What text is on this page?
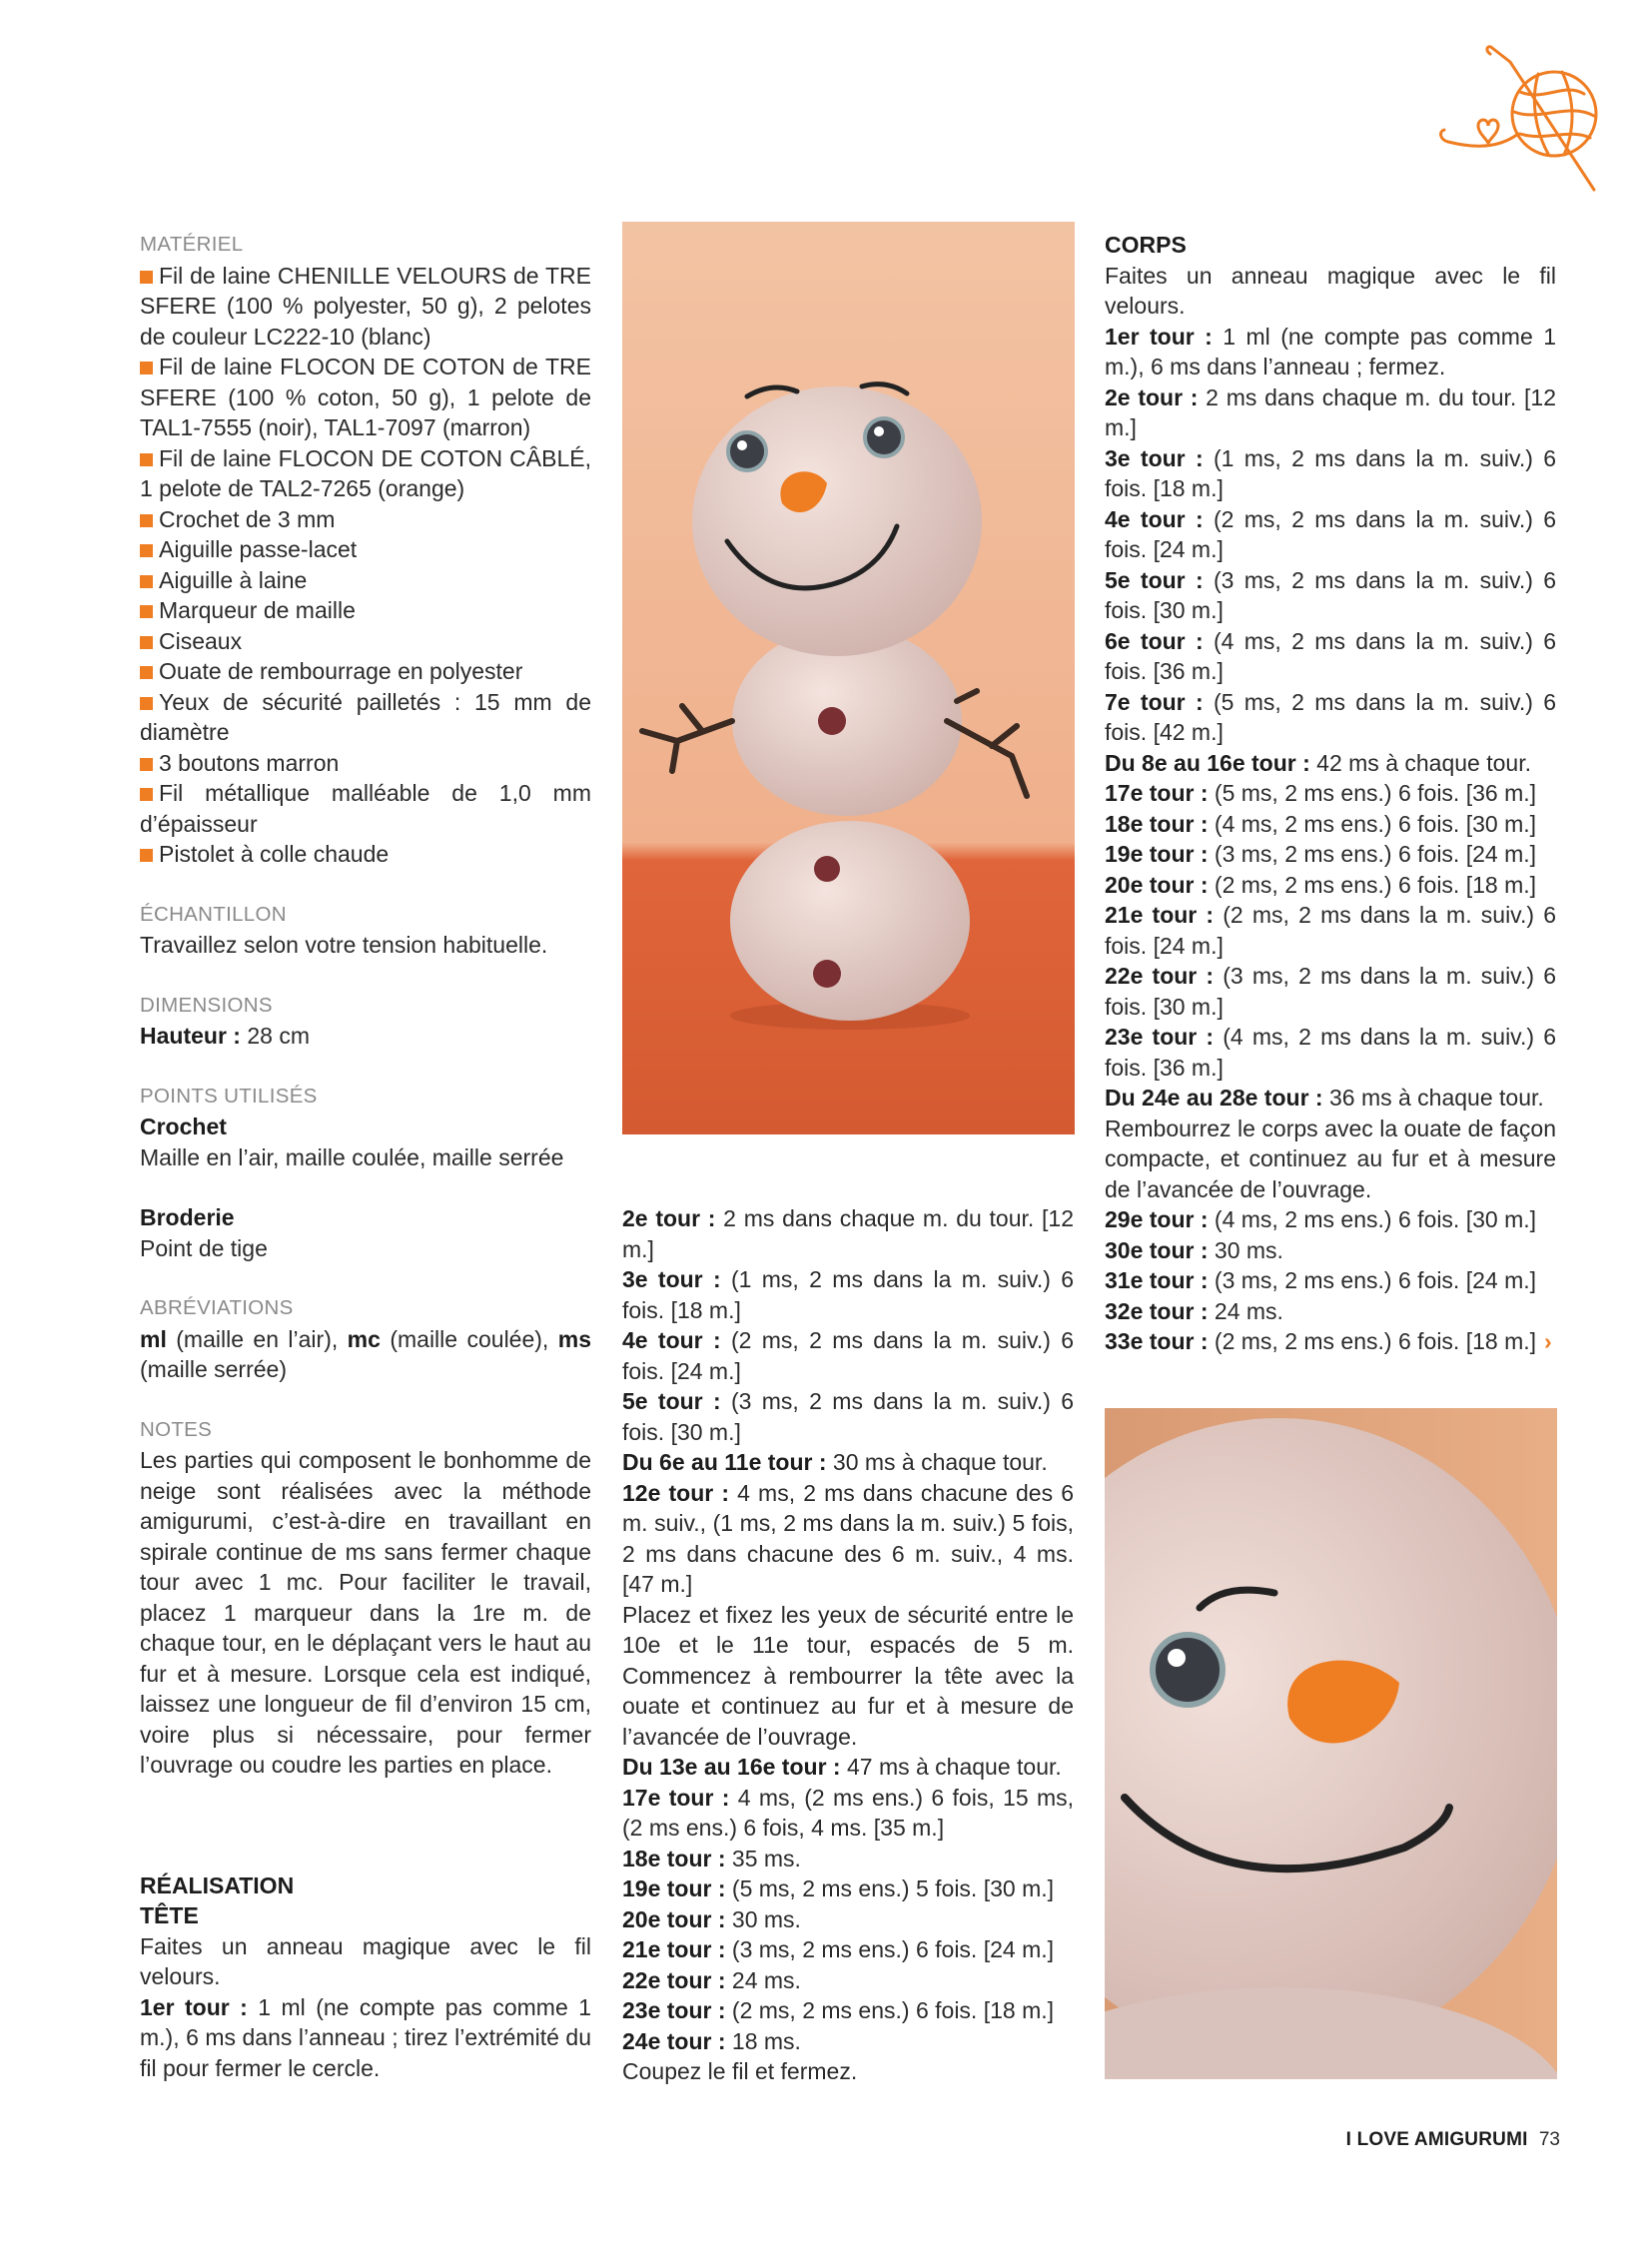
MATÉRIEL
Fil de laine CHENILLE VELOURS de TRE SFERE (100 % polyester, 50 g), 2 pelotes de couleur LC222-10 (blanc)
Fil de laine FLOCON DE COTON de TRE SFERE (100 % coton, 50 g), 1 pelote de TAL1-7555 (noir), TAL1-7097 (marron)
Fil de laine FLOCON DE COTON CÂBLÉ, 1 pelote de TAL2-7265 (orange)
Crochet de 3 mm
Aiguille passe-lacet
Aiguille à laine
Marqueur de maille
Ciseaux
Ouate de rembourrage en polyester
Yeux de sécurité pailletés : 15 mm de diamètre
3 boutons marron
Fil métallique malléable de 1,0 mm d’épaisseur
Pistolet à colle chaude
ÉCHANTILLON
Travaillez selon votre tension habituelle.
DIMENSIONS
Hauteur : 28 cm
POINTS UTILISÉS
Crochet
Maille en l’air, maille coulée, maille serrée
Broderie
Point de tige
ABRÉVIATIONS
ml (maille en l’air), mc (maille coulée), ms (maille serrée)
NOTES
Les parties qui composent le bonhomme de neige sont réalisées avec la méthode amigurumi, c’est-à-dire en travaillant en spirale continue de ms sans fermer chaque tour avec 1 mc. Pour faciliter le travail, placez 1 marqueur dans la 1re m. de chaque tour, en le déplaçant vers le haut au fur et à mesure. Lorsque cela est indiqué, laissez une longueur de fil d’environ 15 cm, voire plus si nécessaire, pour fermer l’ouvrage ou coudre les parties en place.
RÉALISATION
TÊTE
Faites un anneau magique avec le fil velours.
1er tour : 1 ml (ne compte pas comme 1 m.), 6 ms dans l’anneau ; tirez l’extrémité du fil pour fermer le cercle.
2e tour : 2 ms dans chaque m. du tour. [12 m.]
3e tour : (1 ms, 2 ms dans la m. suiv.) 6 fois. [18 m.]
4e tour : (2 ms, 2 ms dans la m. suiv.) 6 fois. [24 m.]
5e tour : (3 ms, 2 ms dans la m. suiv.) 6 fois. [30 m.]
Du 6e au 11e tour : 30 ms à chaque tour.
12e tour : 4 ms, 2 ms dans chacune des 6 m. suiv., (1 ms, 2 ms dans la m. suiv.) 5 fois, 2 ms dans chacune des 6 m. suiv., 4 ms. [47 m.]
Placez et fixez les yeux de sécurité entre le 10e et le 11e tour, espacés de 5 m. Commencez à rembourrer la tête avec la ouate et continuez au fur et à mesure de l’avancée de l’ouvrage.
Du 13e au 16e tour : 47 ms à chaque tour.
17e tour : 4 ms, (2 ms ens.) 6 fois, 15 ms, (2 ms ens.) 6 fois, 4 ms. [35 m.]
18e tour : 35 ms.
19e tour : (5 ms, 2 ms ens.) 5 fois. [30 m.]
20e tour : 30 ms.
21e tour : (3 ms, 2 ms ens.) 6 fois. [24 m.]
22e tour : 24 ms.
23e tour : (2 ms, 2 ms ens.) 6 fois. [18 m.]
24e tour : 18 ms.
Coupez le fil et fermez.
CORPS
Faites un anneau magique avec le fil velours.
1er tour : 1 ml (ne compte pas comme 1 m.), 6 ms dans l’anneau ; fermez.
2e tour : 2 ms dans chaque m. du tour. [12 m.]
3e tour : (1 ms, 2 ms dans la m. suiv.) 6 fois. [18 m.]
4e tour : (2 ms, 2 ms dans la m. suiv.) 6 fois. [24 m.]
5e tour : (3 ms, 2 ms dans la m. suiv.) 6 fois. [30 m.]
6e tour : (4 ms, 2 ms dans la m. suiv.) 6 fois. [36 m.]
7e tour : (5 ms, 2 ms dans la m. suiv.) 6 fois. [42 m.]
Du 8e au 16e tour : 42 ms à chaque tour.
17e tour : (5 ms, 2 ms ens.) 6 fois. [36 m.]
18e tour : (4 ms, 2 ms ens.) 6 fois. [30 m.]
19e tour : (3 ms, 2 ms ens.) 6 fois. [24 m.]
20e tour : (2 ms, 2 ms ens.) 6 fois. [18 m.]
21e tour : (2 ms, 2 ms dans la m. suiv.) 6 fois. [24 m.]
22e tour : (3 ms, 2 ms dans la m. suiv.) 6 fois. [30 m.]
23e tour : (4 ms, 2 ms dans la m. suiv.) 6 fois. [36 m.]
Du 24e au 28e tour : 36 ms à chaque tour.
Rembourrez le corps avec la ouate de façon compacte, et continuez au fur et à mesure de l’avancée de l’ouvrage.
29e tour : (4 ms, 2 ms ens.) 6 fois. [30 m.]
30e tour : 30 ms.
31e tour : (3 ms, 2 ms ens.) 6 fois. [24 m.]
32e tour : 24 ms.
33e tour : (2 ms, 2 ms ens.) 6 fois. [18 m.] ›
I LOVE AMIGURUMI 73
